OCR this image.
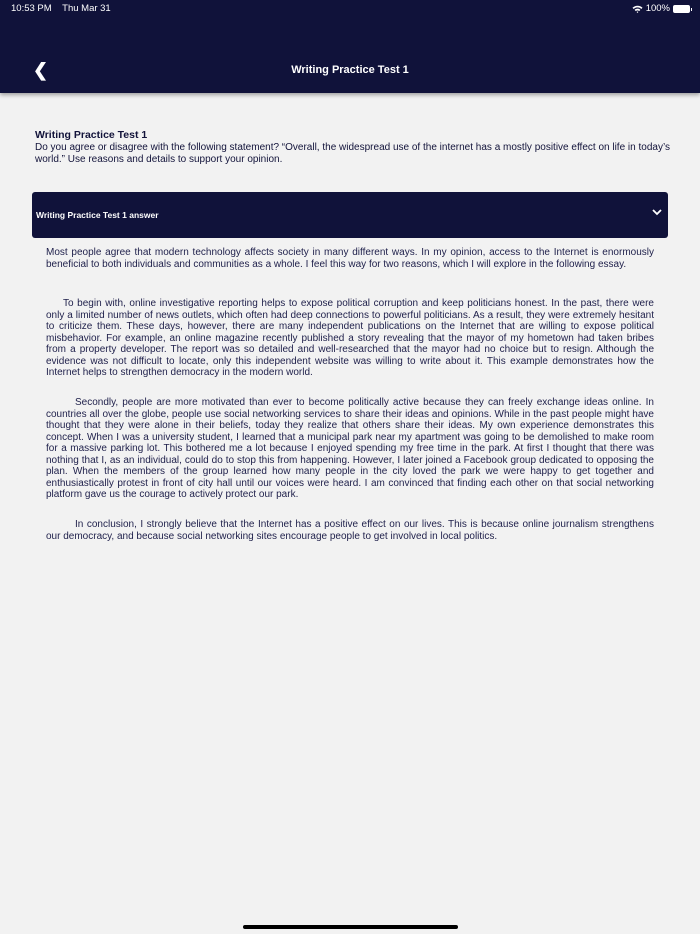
10:53 PM Thu Mar 31	100%
❮	Writing Practice Test 1
Writing Practice Test 1
Do you agree or disagree with the following statement? “Overall, the widespread use of the internet has a mostly positive effect on life in today’s world.” Use reasons and details to support your opinion.
Writing Practice Test 1 answer

Most people agree that modern technology affects society in many different ways. In my opinion, access to the Internet is enormously beneficial to both individuals and communities as a whole. I feel this way for two reasons, which I will explore in the following essay.

To begin with, online investigative reporting helps to expose political corruption and keep politicians honest. In the past, there were only a limited number of news outlets, which often had deep connections to powerful politicians. As a result, they were extremely hesitant to criticize them. These days, however, there are many independent publications on the Internet that are willing to expose political misbehavior. For example, an online magazine recently published a story revealing that the mayor of my hometown had taken bribes from a property developer. The report was so detailed and well-researched that the mayor had no choice but to resign. Although the evidence was not difficult to locate, only this independent website was willing to write about it. This example demonstrates how the Internet helps to strengthen democracy in the modern world.

Secondly, people are more motivated than ever to become politically active because they can freely exchange ideas online. In countries all over the globe, people use social networking services to share their ideas and opinions. While in the past people might have thought that they were alone in their beliefs, today they realize that others share their ideas. My own experience demonstrates this concept. When I was a university student, I learned that a municipal park near my apartment was going to be demolished to make room for a massive parking lot. This bothered me a lot because I enjoyed spending my free time in the park. At first I thought that there was nothing that I, as an individual, could do to stop this from happening. However, I later joined a Facebook group dedicated to opposing the plan. When the members of the group learned how many people in the city loved the park we were happy to get together and enthusiastically protest in front of city hall until our voices were heard. I am convinced that finding each other on that social networking platform gave us the courage to actively protect our park.

In conclusion, I strongly believe that the Internet has a positive effect on our lives. This is because online journalism strengthens our democracy, and because social networking sites encourage people to get involved in local politics.
